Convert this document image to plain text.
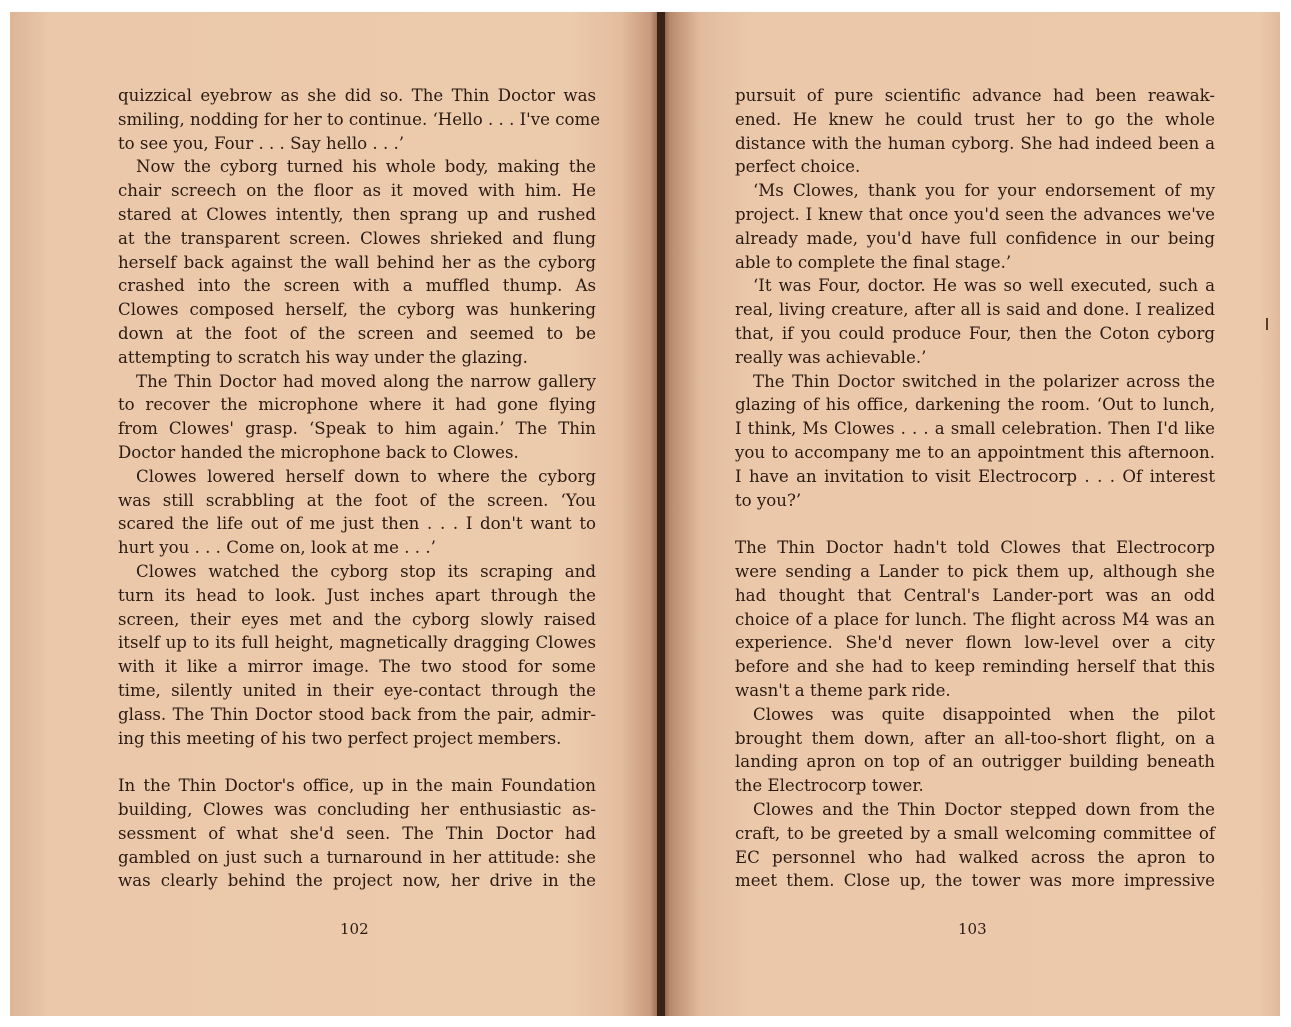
quizzical eyebrow as she did so. The Thin Doctor was
smiling, nodding for her to continue. ‘Hello . . . I've come
to see you, Four . . . Say hello . . .’
Now the cyborg turned his whole body, making the
chair screech on the floor as it moved with him. He
stared at Clowes intently, then sprang up and rushed
at the transparent screen. Clowes shrieked and flung
herself back against the wall behind her as the cyborg
crashed into the screen with a muffled thump. As
Clowes composed herself, the cyborg was hunkering
down at the foot of the screen and seemed to be
attempting to scratch his way under the glazing.
The Thin Doctor had moved along the narrow gallery
to recover the microphone where it had gone flying
from Clowes' grasp. ‘Speak to him again.’ The Thin
Doctor handed the microphone back to Clowes.
Clowes lowered herself down to where the cyborg
was still scrabbling at the foot of the screen. ‘You
scared the life out of me just then . . . I don't want to
hurt you . . . Come on, look at me . . .’
Clowes watched the cyborg stop its scraping and
turn its head to look. Just inches apart through the
screen, their eyes met and the cyborg slowly raised
itself up to its full height, magnetically dragging Clowes
with it like a mirror image. The two stood for some
time, silently united in their eye-contact through the
glass. The Thin Doctor stood back from the pair, admir-
ing this meeting of his two perfect project members.
In the Thin Doctor's office, up in the main Foundation
building, Clowes was concluding her enthusiastic as-
sessment of what she'd seen. The Thin Doctor had
gambled on just such a turnaround in her attitude: she
was clearly behind the project now, her drive in the
102
pursuit of pure scientific advance had been reawak-
ened. He knew he could trust her to go the whole
distance with the human cyborg. She had indeed been a
perfect choice.
‘Ms Clowes, thank you for your endorsement of my
project. I knew that once you'd seen the advances we've
already made, you'd have full confidence in our being
able to complete the final stage.’
‘It was Four, doctor. He was so well executed, such a
real, living creature, after all is said and done. I realized
that, if you could produce Four, then the Coton cyborg
really was achievable.’
The Thin Doctor switched in the polarizer across the
glazing of his office, darkening the room. ‘Out to lunch,
I think, Ms Clowes . . . a small celebration. Then I'd like
you to accompany me to an appointment this afternoon.
I have an invitation to visit Electrocorp . . . Of interest
to you?’
The Thin Doctor hadn't told Clowes that Electrocorp
were sending a Lander to pick them up, although she
had thought that Central's Lander-port was an odd
choice of a place for lunch. The flight across M4 was an
experience. She'd never flown low-level over a city
before and she had to keep reminding herself that this
wasn't a theme park ride.
Clowes was quite disappointed when the pilot
brought them down, after an all-too-short flight, on a
landing apron on top of an outrigger building beneath
the Electrocorp tower.
Clowes and the Thin Doctor stepped down from the
craft, to be greeted by a small welcoming committee of
EC personnel who had walked across the apron to
meet them. Close up, the tower was more impressive
103
